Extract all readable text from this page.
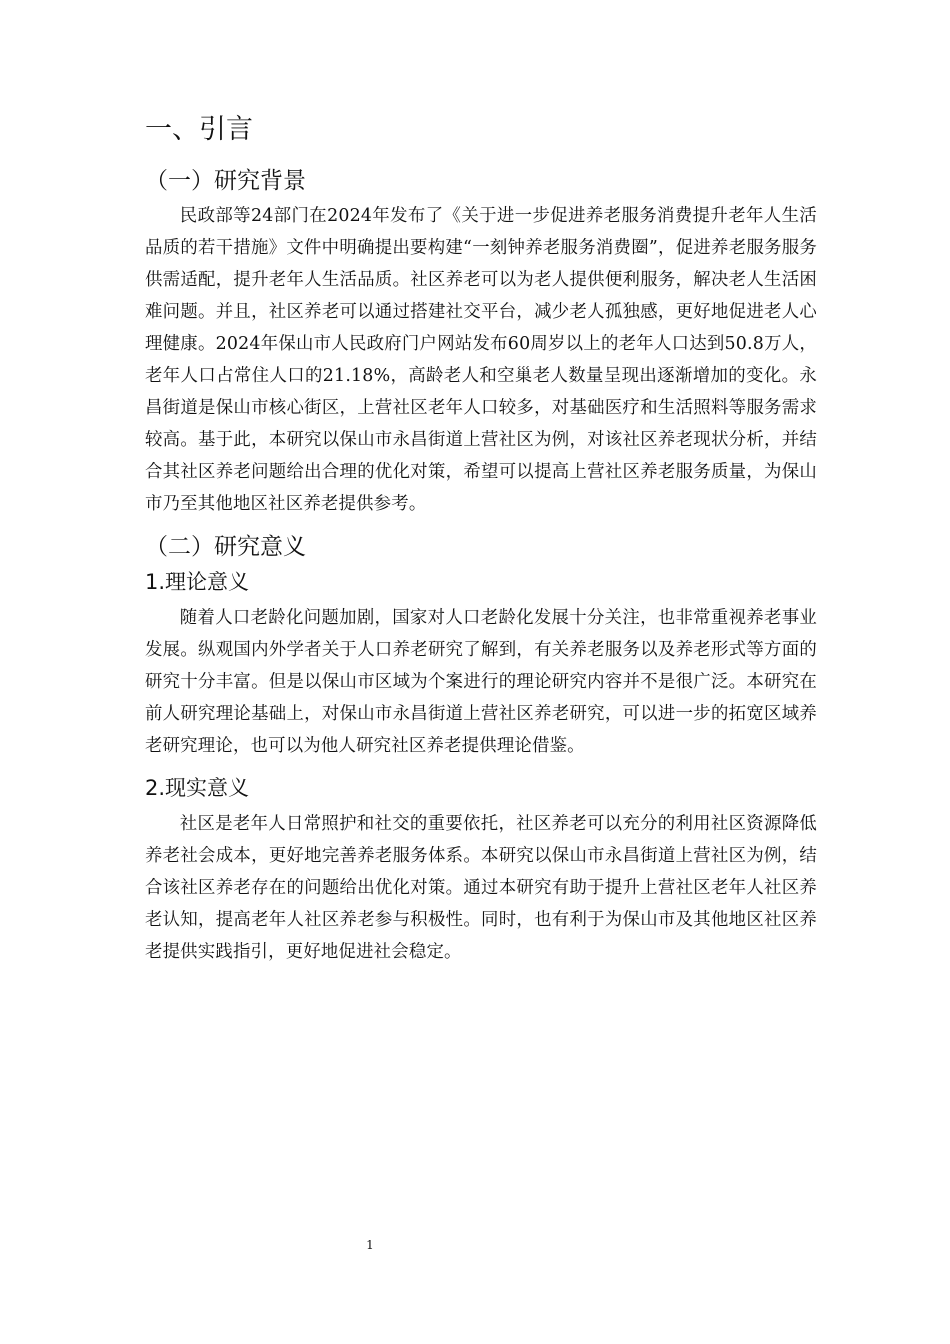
一、引言
（一）研究背景

民政部等24部门在2024年发布了《关于进一步促进养老服务消费提升老年人生活品质的若干措施》文件中明确提出要构建“一刻钟养老服务消费圈”，促进养老服务服务供需适配，提升老年人生活品质。社区养老可以为老人提供便利服务，解决老人生活困难问题。并且，社区养老可以通过搭建社交平台，减少老人孤独感，更好地促进老人心理健康。2024年保山市人民政府门户网站发布60周岁以上的老年人口达到50.8万人，老年人口占常住人口的21.18%，高龄老人和空巢老人数量呈现出逐渐增加的变化。永昌街道是保山市核心街区，上营社区老年人口较多，对基础医疗和生活照料等服务需求较高。基于此，本研究以保山市永昌街道上营社区为例，对该社区养老现状分析，并结合其社区养老问题给出合理的优化对策，希望可以提高上营社区养老服务质量，为保山市乃至其他地区社区养老提供参考。

（二）研究意义
1.理论意义

随着人口老龄化问题加剧，国家对人口老龄化发展十分关注，也非常重视养老事业发展。纵观国内外学者关于人口养老研究了解到，有关养老服务以及养老形式等方面的研究十分丰富。但是以保山市区域为个案进行的理论研究内容并不是很广泛。本研究在前人研究理论基础上，对保山市永昌街道上营社区养老研究，可以进一步的拓宽区域养老研究理论，也可以为他人研究社区养老提供理论借鉴。

2.现实意义

社区是老年人日常照护和社交的重要依托，社区养老可以充分的利用社区资源降低养老社会成本，更好地完善养老服务体系。本研究以保山市永昌街道上营社区为例，结合该社区养老存在的问题给出优化对策。通过本研究有助于提升上营社区老年人社区养老认知，提高老年人社区养老参与积极性。同时，也有利于为保山市及其他地区社区养老提供实践指引，更好地促进社会稳定。

1
